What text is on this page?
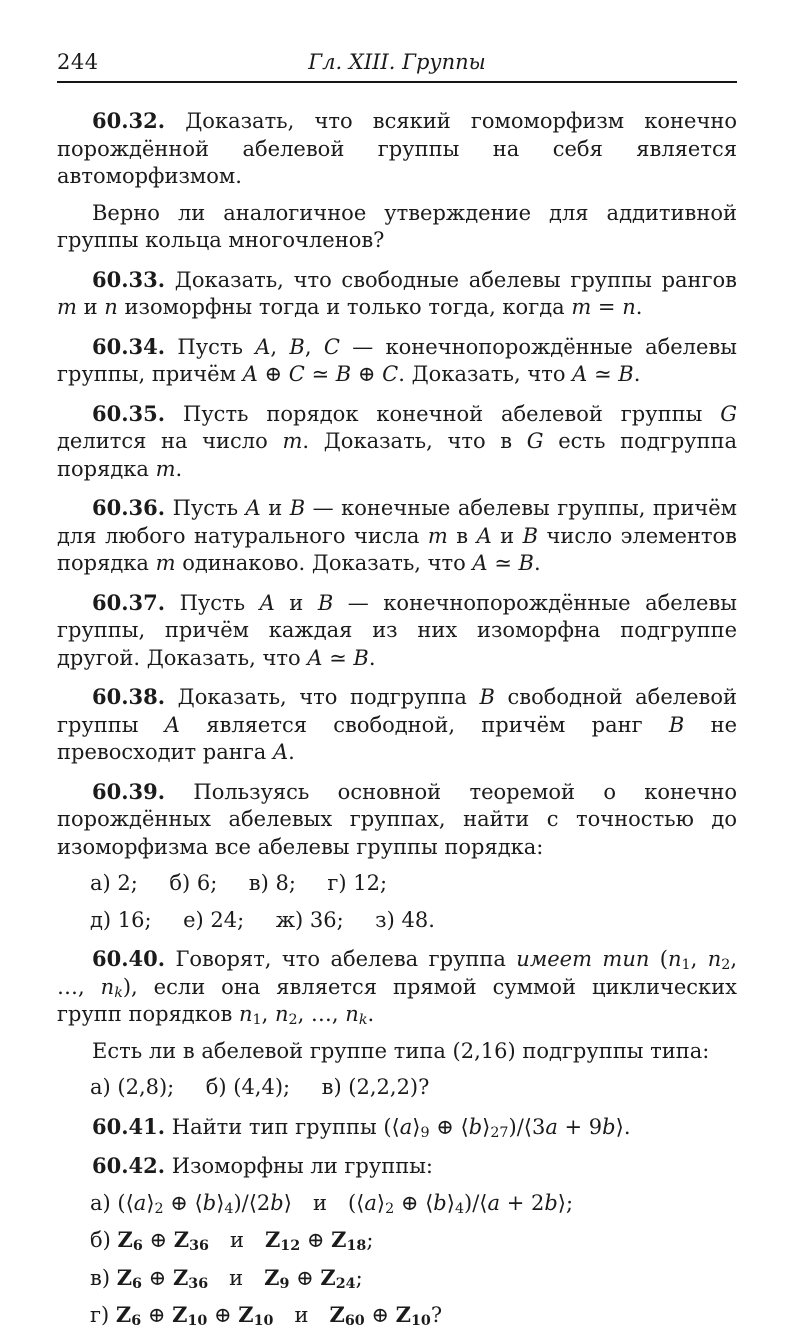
244	Гл. XIII. Группы

60.32. Доказать, что всякий гомоморфизм конечно порождённой абелевой группы на себя является автоморфизмом.

Верно ли аналогичное утверждение для аддитивной группы кольца многочленов?

60.33. Доказать, что свободные абелевы группы рангов m и n изоморфны тогда и только тогда, когда m = n.

60.34. Пусть A, B, C — конечнопорождённые абелевы группы, причём A ⊕ C ≃ B ⊕ C. Доказать, что A ≃ B.

60.35. Пусть порядок конечной абелевой группы G делится на число m. Доказать, что в G есть подгруппа порядка m.

60.36. Пусть A и B — конечные абелевы группы, причём для любого натурального числа m в A и B число элементов порядка m одинаково. Доказать, что A ≃ B.

60.37. Пусть A и B — конечнопорождённые абелевы группы, причём каждая из них изоморфна подгруппе другой. Доказать, что A ≃ B.

60.38. Доказать, что подгруппа B свободной абелевой группы A является свободной, причём ранг B не превосходит ранга A.

60.39. Пользуясь основной теоремой о конечно порождённых абелевых группах, найти с точностью до изоморфизма все абелевы группы порядка:

а) 2;  б) 6;  в) 8;  г) 12;

д) 16;  е) 24;  ж) 36;  з) 48.

60.40. Говорят, что абелева группа имеет тип (n1, n2, …, nk), если она является прямой суммой циклических групп порядков n1, n2, …, nk.

Есть ли в абелевой группе типа (2,16) подгруппы типа:

а) (2,8);  б) (4,4);  в) (2,2,2)?

60.41. Найти тип группы (⟨a⟩9 ⊕ ⟨b⟩27)/⟨3a + 9b⟩.

60.42. Изоморфны ли группы:

а) (⟨a⟩2 ⊕ ⟨b⟩4)/⟨2b⟩ и (⟨a⟩2 ⊕ ⟨b⟩4)/⟨a + 2b⟩;

б) Z6 ⊕ Z36 и Z12 ⊕ Z18;

в) Z6 ⊕ Z36 и Z9 ⊕ Z24;

г) Z6 ⊕ Z10 ⊕ Z10 и Z60 ⊕ Z10?
